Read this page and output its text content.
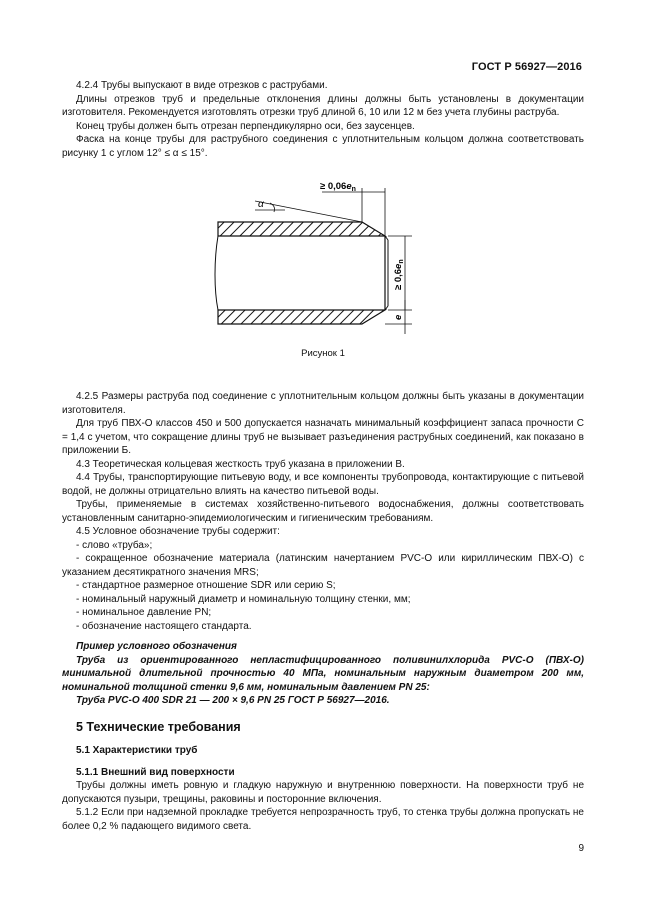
ГОСТ Р 56927—2016

4.2.4 Трубы выпускают в виде отрезков с раструбами.

Длины отрезков труб и предельные отклонения длины должны быть установлены в документации изготовителя. Рекомендуется изготовлять отрезки труб длиной 6, 10 или 12 м без учета глубины раструба.

Конец трубы должен быть отрезан перпендикулярно оси, без заусенцев.

Фаска на конце трубы для раструбного соединения с уплотнительным кольцом должна соответствовать рисунку 1 с углом 12° ≤ α ≤ 15°.

α
≥ $0,06e_n$
≥ $0,6e_n$
e
Рисунок 1

4.2.5 Размеры раструба под соединение с уплотнительным кольцом должны быть указаны в документации изготовителя.

Для труб ПВХ-О классов 450 и 500 допускается назначать минимальный коэффициент запаса прочности C = 1,4 с учетом, что сокращение длины труб не вызывает разъединения раструбных соединений, как показано в приложении Б.

4.3 Теоретическая кольцевая жесткость труб указана в приложении В.

4.4 Трубы, транспортирующие питьевую воду, и все компоненты трубопровода, контактирующие с питьевой водой, не должны отрицательно влиять на качество питьевой воды.

Трубы, применяемые в системах хозяйственно-питьевого водоснабжения, должны соответствовать установленным санитарно-эпидемиологическим и гигиеническим требованиям.

4.5 Условное обозначение трубы содержит:

- слово «труба»;

- сокращенное обозначение материала (латинским начертанием PVC-O или кириллическим ПВХ-О) с указанием десятикратного значения MRS;

- стандартное размерное отношение SDR или серию S;

- номинальный наружный диаметр и номинальную толщину стенки, мм;

- номинальное давление PN;

- обозначение настоящего стандарта.

Пример условного обозначения

Труба из ориентированного непластифицированного поливинилхлорида PVC-O (ПВХ-О) минимальной длительной прочностью 40 МПа, номинальным наружным диаметром 200 мм, номинальной толщиной стенки 9,6 мм, номинальным давлением PN 25:

Труба PVC-O 400 SDR 21 — 200 × 9,6 PN 25 ГОСТ Р 56927—2016.

5 Технические требования

5.1 Характеристики труб

5.1.1 Внешний вид поверхности

Трубы должны иметь ровную и гладкую наружную и внутреннюю поверхности. На поверхности труб не допускаются пузыри, трещины, раковины и посторонние включения.

5.1.2 Если при надземной прокладке требуется непрозрачность труб, то стенка трубы должна пропускать не более 0,2 % падающего видимого света.

9
